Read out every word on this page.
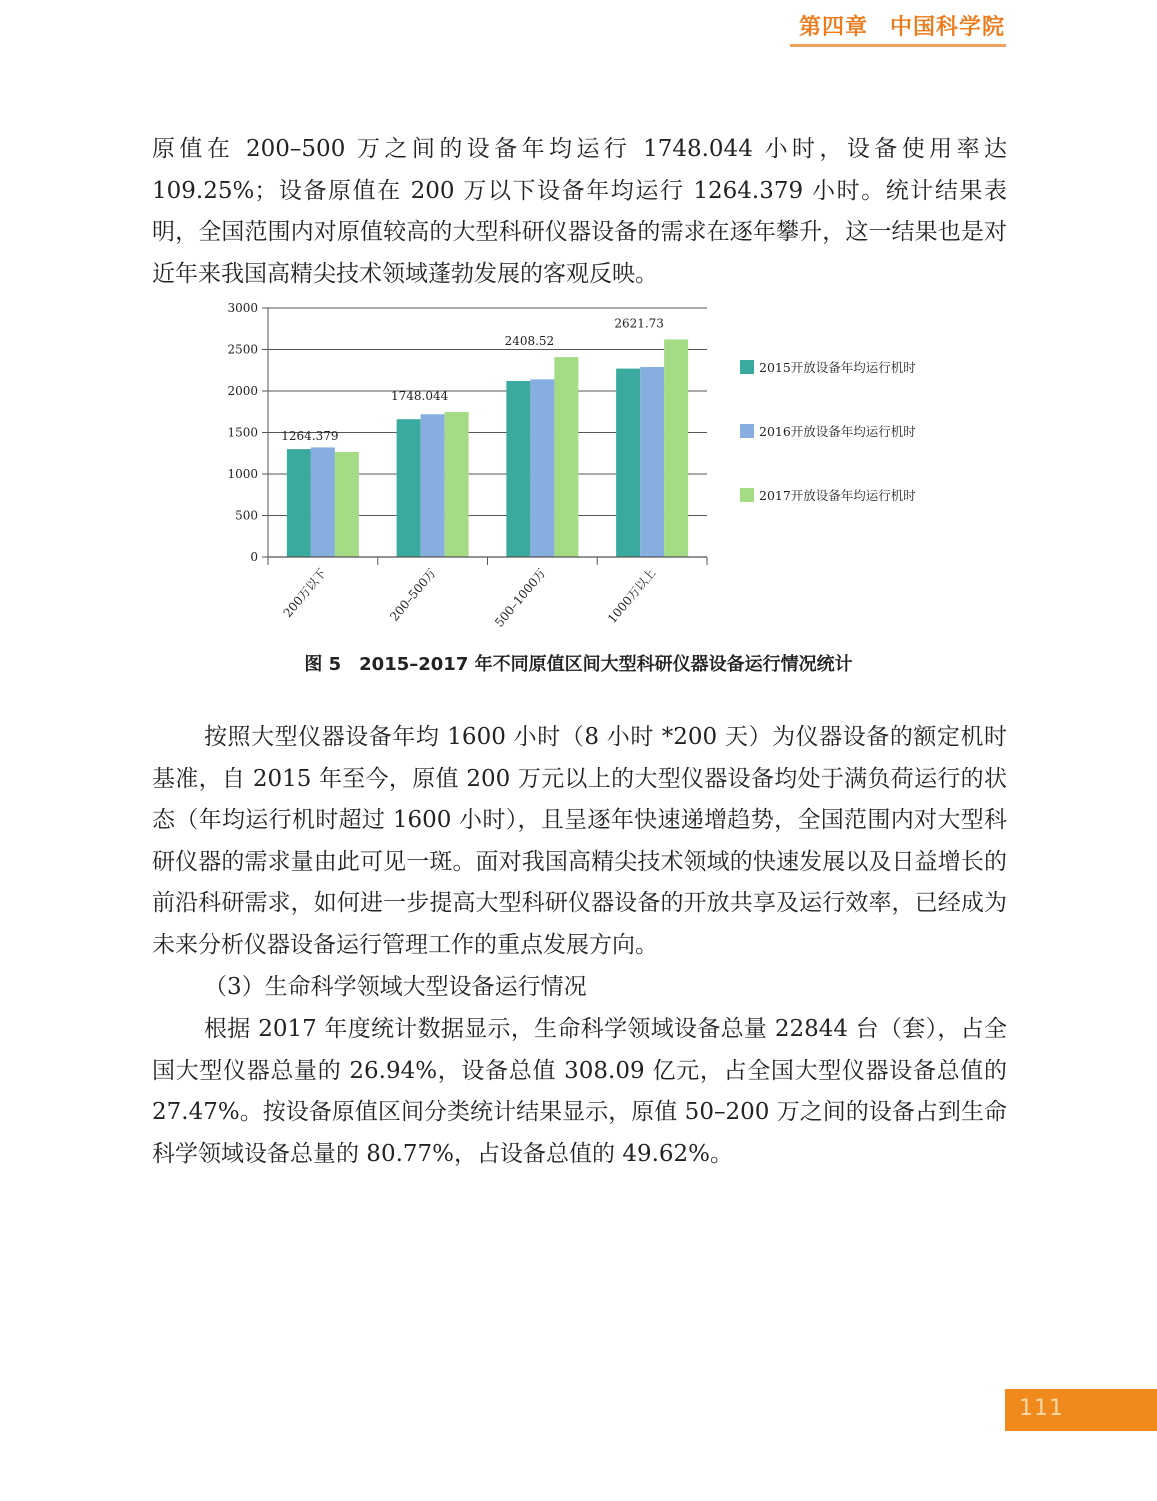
第四章 中国科学院

原值在 200–500 万之间的设备年均运行 1748.044 小时，设备使用率达 109.25%；设备原值在 200 万以下设备年均运行 1264.379 小时。统计结果表明，全国范围内对原值较高的大型科研仪器设备的需求在逐年攀升，这一结果也是对近年来我国高精尖技术领域蓬勃发展的客观反映。

0
500
1000
1500
2000
2500
3000
1264.379
1748.044
2408.52
2621.73
200万以下	200–500万	500–1000万	1000万以上
2015开放设备年均运行机时
2016开放设备年均运行机时
2017开放设备年均运行机时
图 5　2015–2017 年不同原值区间大型科研仪器设备运行情况统计

按照大型仪器设备年均 1600 小时（8 小时 *200 天）为仪器设备的额定机时基准，自 2015 年至今，原值 200 万元以上的大型仪器设备均处于满负荷运行的状态（年均运行机时超过 1600 小时），且呈逐年快速递增趋势，全国范围内对大型科研仪器的需求量由此可见一斑。面对我国高精尖技术领域的快速发展以及日益增长的前沿科研需求，如何进一步提高大型科研仪器设备的开放共享及运行效率，已经成为未来分析仪器设备运行管理工作的重点发展方向。

（3）生命科学领域大型设备运行情况

根据 2017 年度统计数据显示，生命科学领域设备总量 22844 台（套），占全国大型仪器总量的 26.94%，设备总值 308.09 亿元，占全国大型仪器设备总值的 27.47%。按设备原值区间分类统计结果显示，原值 50–200 万之间的设备占到生命科学领域设备总量的 80.77%，占设备总值的 49.62%。

111
